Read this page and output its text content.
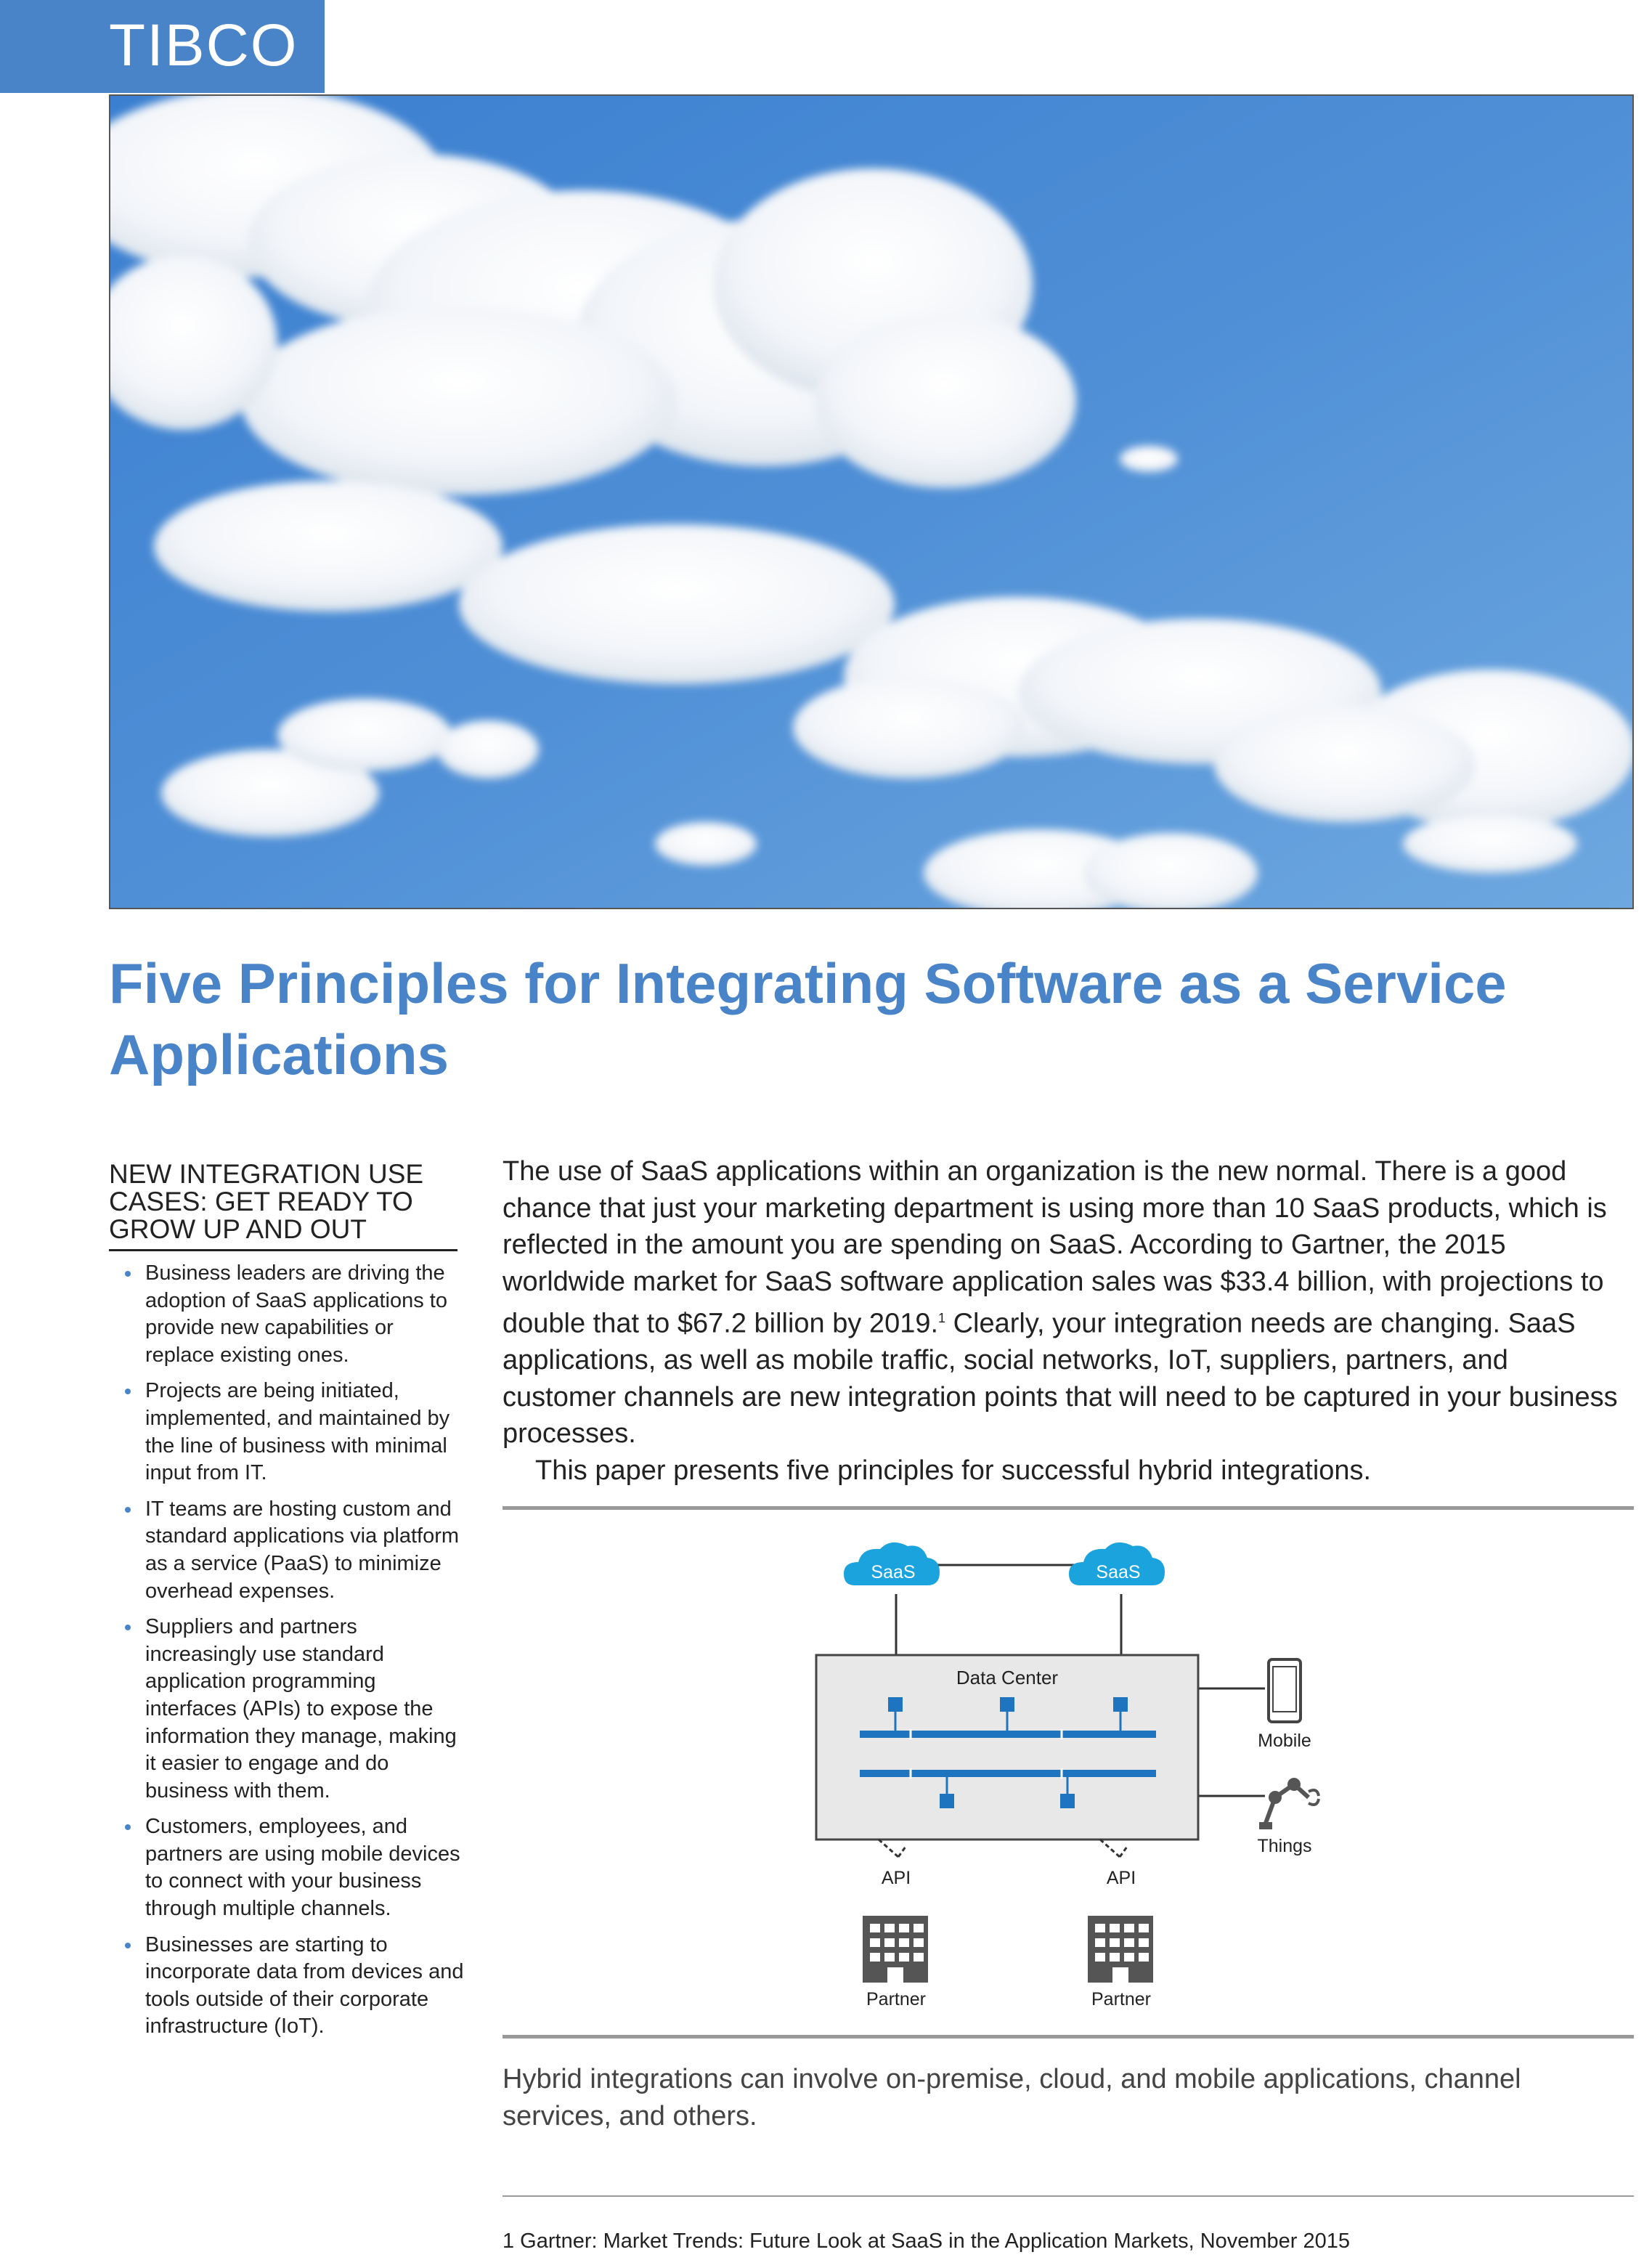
TIBCO
Five Principles for Integrating Software as a Service Applications
NEW INTEGRATION USE CASES: GET READY TO GROW UP AND OUT
Business leaders are driving the adoption of SaaS applications to provide new capabilities or replace existing ones.
Projects are being initiated, implemented, and maintained by the line of business with minimal input from IT.
IT teams are hosting custom and standard applications via platform as a service (PaaS) to minimize overhead expenses.
Suppliers and partners increasingly use standard application programming interfaces (APIs) to expose the information they manage, making it easier to engage and do business with them.
Customers, employees, and partners are using mobile devices to connect with your business through multiple channels.
Businesses are starting to incorporate data from devices and tools outside of their corporate infrastructure (IoT).

The use of SaaS applications within an organization is the new normal. There is a good chance that just your marketing department is using more than 10 SaaS products, which is reflected in the amount you are spending on SaaS. According to Gartner, the 2015 worldwide market for SaaS software application sales was $33.4 billion, with projections to double that to $67.2 billion by 2019.$^1$ Clearly, your integration needs are changing. SaaS applications, as well as mobile traffic, social networks, IoT, suppliers, partners, and customer channels are new integration points that will need to be captured in your business processes.
This paper presents five principles for successful hybrid integrations.

SaaS	SaaS
Data Center
API	API
Partner	Partner
Mobile
Things

Hybrid integrations can involve on-premise, cloud, and mobile applications, channel services, and others.

1 Gartner: Market Trends: Future Look at SaaS in the Application Markets, November 2015
